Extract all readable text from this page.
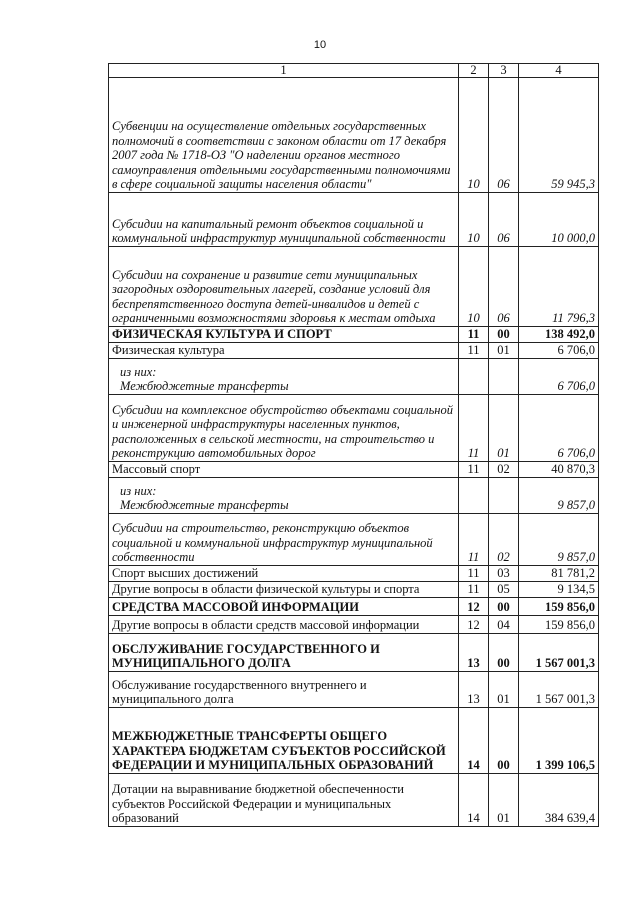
10
1	2	3	4
Субвенции на осуществление отдельных государственных полномочий в соответствии с законом области от 17 декабря 2007 года № 1718-ОЗ "О наделении органов местного самоуправления отдельными государственными полномочиями в сфере социальной защиты населения области"	10	06	59 945,3
Субсидии на капитальный ремонт объектов социальной и коммунальной инфраструктур муниципальной собственности	10	06	10 000,0
Субсидии на сохранение и развитие сети муниципальных загородных оздоровительных лагерей, создание условий для беспрепятственного доступа детей-инвалидов и детей с ограниченными возможностями здоровья к местам отдыха	10	06	11 796,3
ФИЗИЧЕСКАЯ КУЛЬТУРА И СПОРТ	11	00	138 492,0
Физическая культура	11	01	6 706,0

из них:
Межбюджетные трансферты			6 706,0
Субсидии на комплексное обустройство объектами социальной и инженерной инфраструктуры населенных пунктов, расположенных в сельской местности, на строительство и реконструкцию автомобильных дорог	11	01	6 706,0
Массовый спорт	11	02	40 870,3

из них:
Межбюджетные трансферты			9 857,0
Субсидии на строительство, реконструкцию объектов социальной и коммунальной инфраструктур муниципальной собственности	11	02	9 857,0
Спорт высших достижений	11	03	81 781,2
Другие вопросы в области физической культуры и спорта	11	05	9 134,5
СРЕДСТВА МАССОВОЙ ИНФОРМАЦИИ	12	00	159 856,0
Другие вопросы в области средств массовой информации	12	04	159 856,0
ОБСЛУЖИВАНИЕ ГОСУДАРСТВЕННОГО И МУНИЦИПАЛЬНОГО ДОЛГА	13	00	1 567 001,3
Обслуживание государственного внутреннего и муниципального долга	13	01	1 567 001,3
МЕЖБЮДЖЕТНЫЕ ТРАНСФЕРТЫ ОБЩЕГО ХАРАКТЕРА БЮДЖЕТАМ СУБЪЕКТОВ РОССИЙСКОЙ ФЕДЕРАЦИИ И МУНИЦИПАЛЬНЫХ ОБРАЗОВАНИЙ	14	00	1 399 106,5
Дотации на выравнивание бюджетной обеспеченности субъектов Российской Федерации и муниципальных образований	14	01	384 639,4
